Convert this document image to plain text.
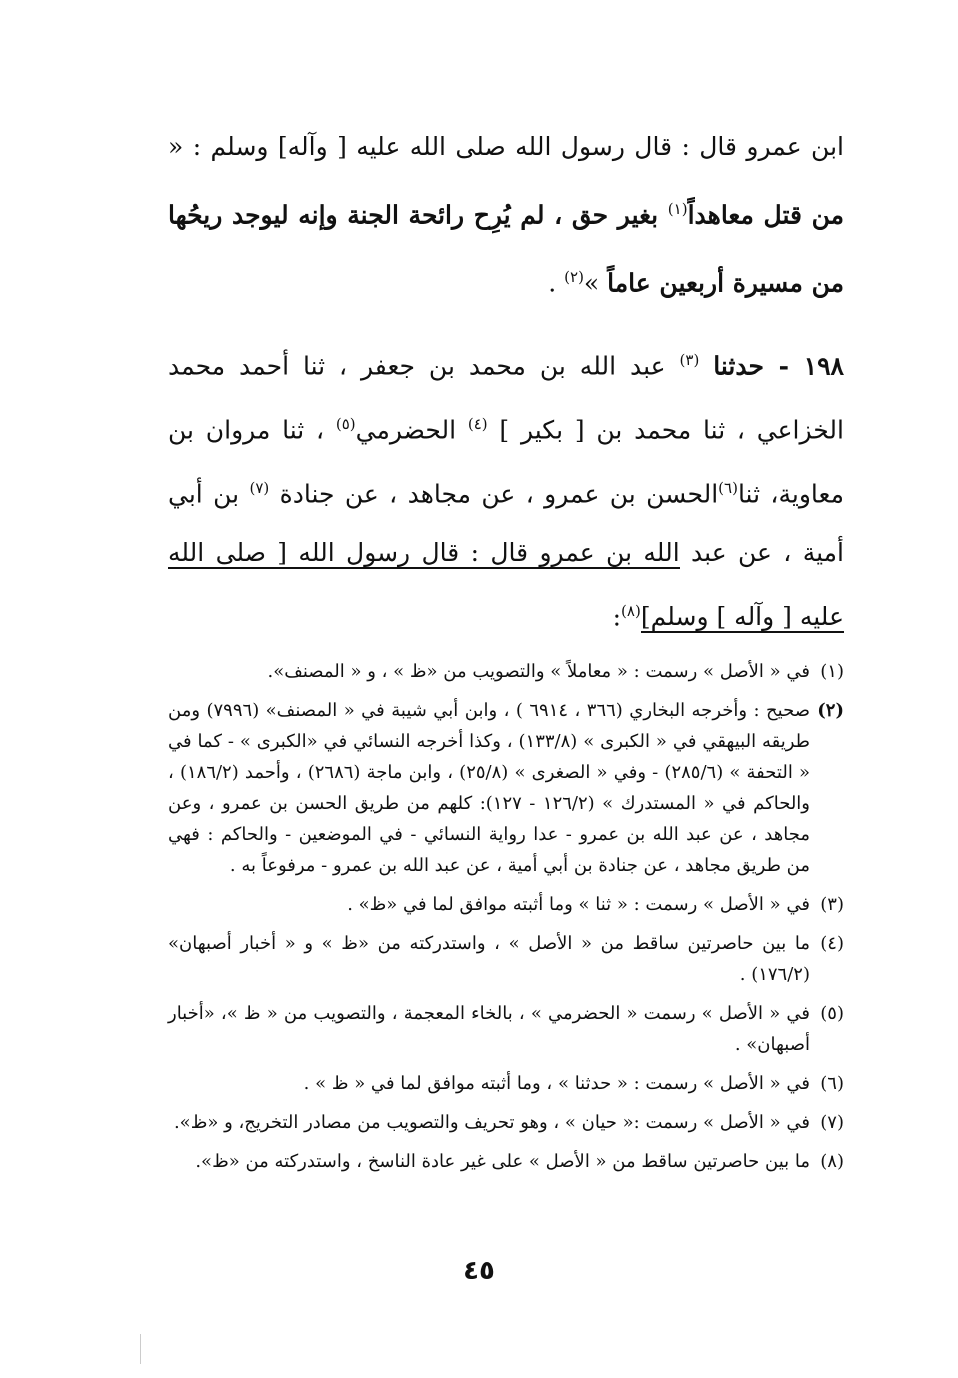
ابن عمرو قال : قال رسول الله صلى الله عليه [ وآله] وسلم : « من قتل معاهداً$^{(١)}$ بغير حق ، لم يُرِح رائحة الجنة وإنه ليوجد ريحُها من مسيرة أربعين عاماً »$^{(٢)}$ .

١٩٨ - حدثنا $^{(٣)}$ عبد الله بن محمد بن جعفر ، ثنا أحمد محمد الخزاعي ، ثنا محمد بن [ بكير ] $^{(٤)}$ الحضرمي$^{(٥)}$ ، ثنا مروان بن معاوية، ثنا$^{(٦)}$الحسن بن عمرو ، عن مجاهد ، عن جنادة $^{(٧)}$ بن أبي أمية ، عن عبد الله بن عمرو قال : قال رسول الله [ صلى الله عليه [ وآله ] وسلم]$^{(٨)}$:

(١)في « الأصل » رسمت : « معاملاً » والتصويب من «ظ » ، و « المصنف».

(٢)صحيح : وأخرجه البخاري (٣٦٦ ، ٦٩١٤ ) ، وابن أبي شيبة في « المصنف» (٧٩٩٦) ومن طريقه البيهقي في « الكبرى » (١٣٣/٨) ، وكذا أخرجه النسائي في «الكبرى » - كما في « التحفة » (٢٨٥/٦) - وفي « الصغرى » (٢٥/٨) ، وابن ماجة (٢٦٨٦) ، وأحمد (١٨٦/٢) ، والحاكم في « المستدرك » (١٢٦/٢ - ١٢٧): كلهم من طريق الحسن بن عمرو ، وعن مجاهد ، عن عبد الله بن عمرو - عدا رواية النسائي - في الموضعين - والحاكم : فهي من طريق مجاهد ، عن جنادة بن أبي أمية ، عن عبد الله بن عمرو - مرفوعاً به .

(٣)في « الأصل » رسمت : « ثنا » وما أثبته موافق لما في «ظ» .

(٤)ما بين حاصرتين ساقط من « الأصل » ، واستدركته من «ظ » و « أخبار أصبهان» (١٧٦/٢) .

(٥)في « الأصل » رسمت « الحضرمي » ، بالخاء المعجمة ، والتصويب من « ظ »، «أخبار أصبهان» .

(٦)في « الأصل » رسمت : « حدثنا » ، وما أثبته موافق لما في « ظ » .

(٧)في « الأصل » رسمت :« حيان » ، وهو تحريف والتصويب من مصادر التخريج، و «ظ».

(٨)ما بين حاصرتين ساقط من « الأصل » على غير عادة الناسخ ، واستدركته من «ظ».

٤٥
